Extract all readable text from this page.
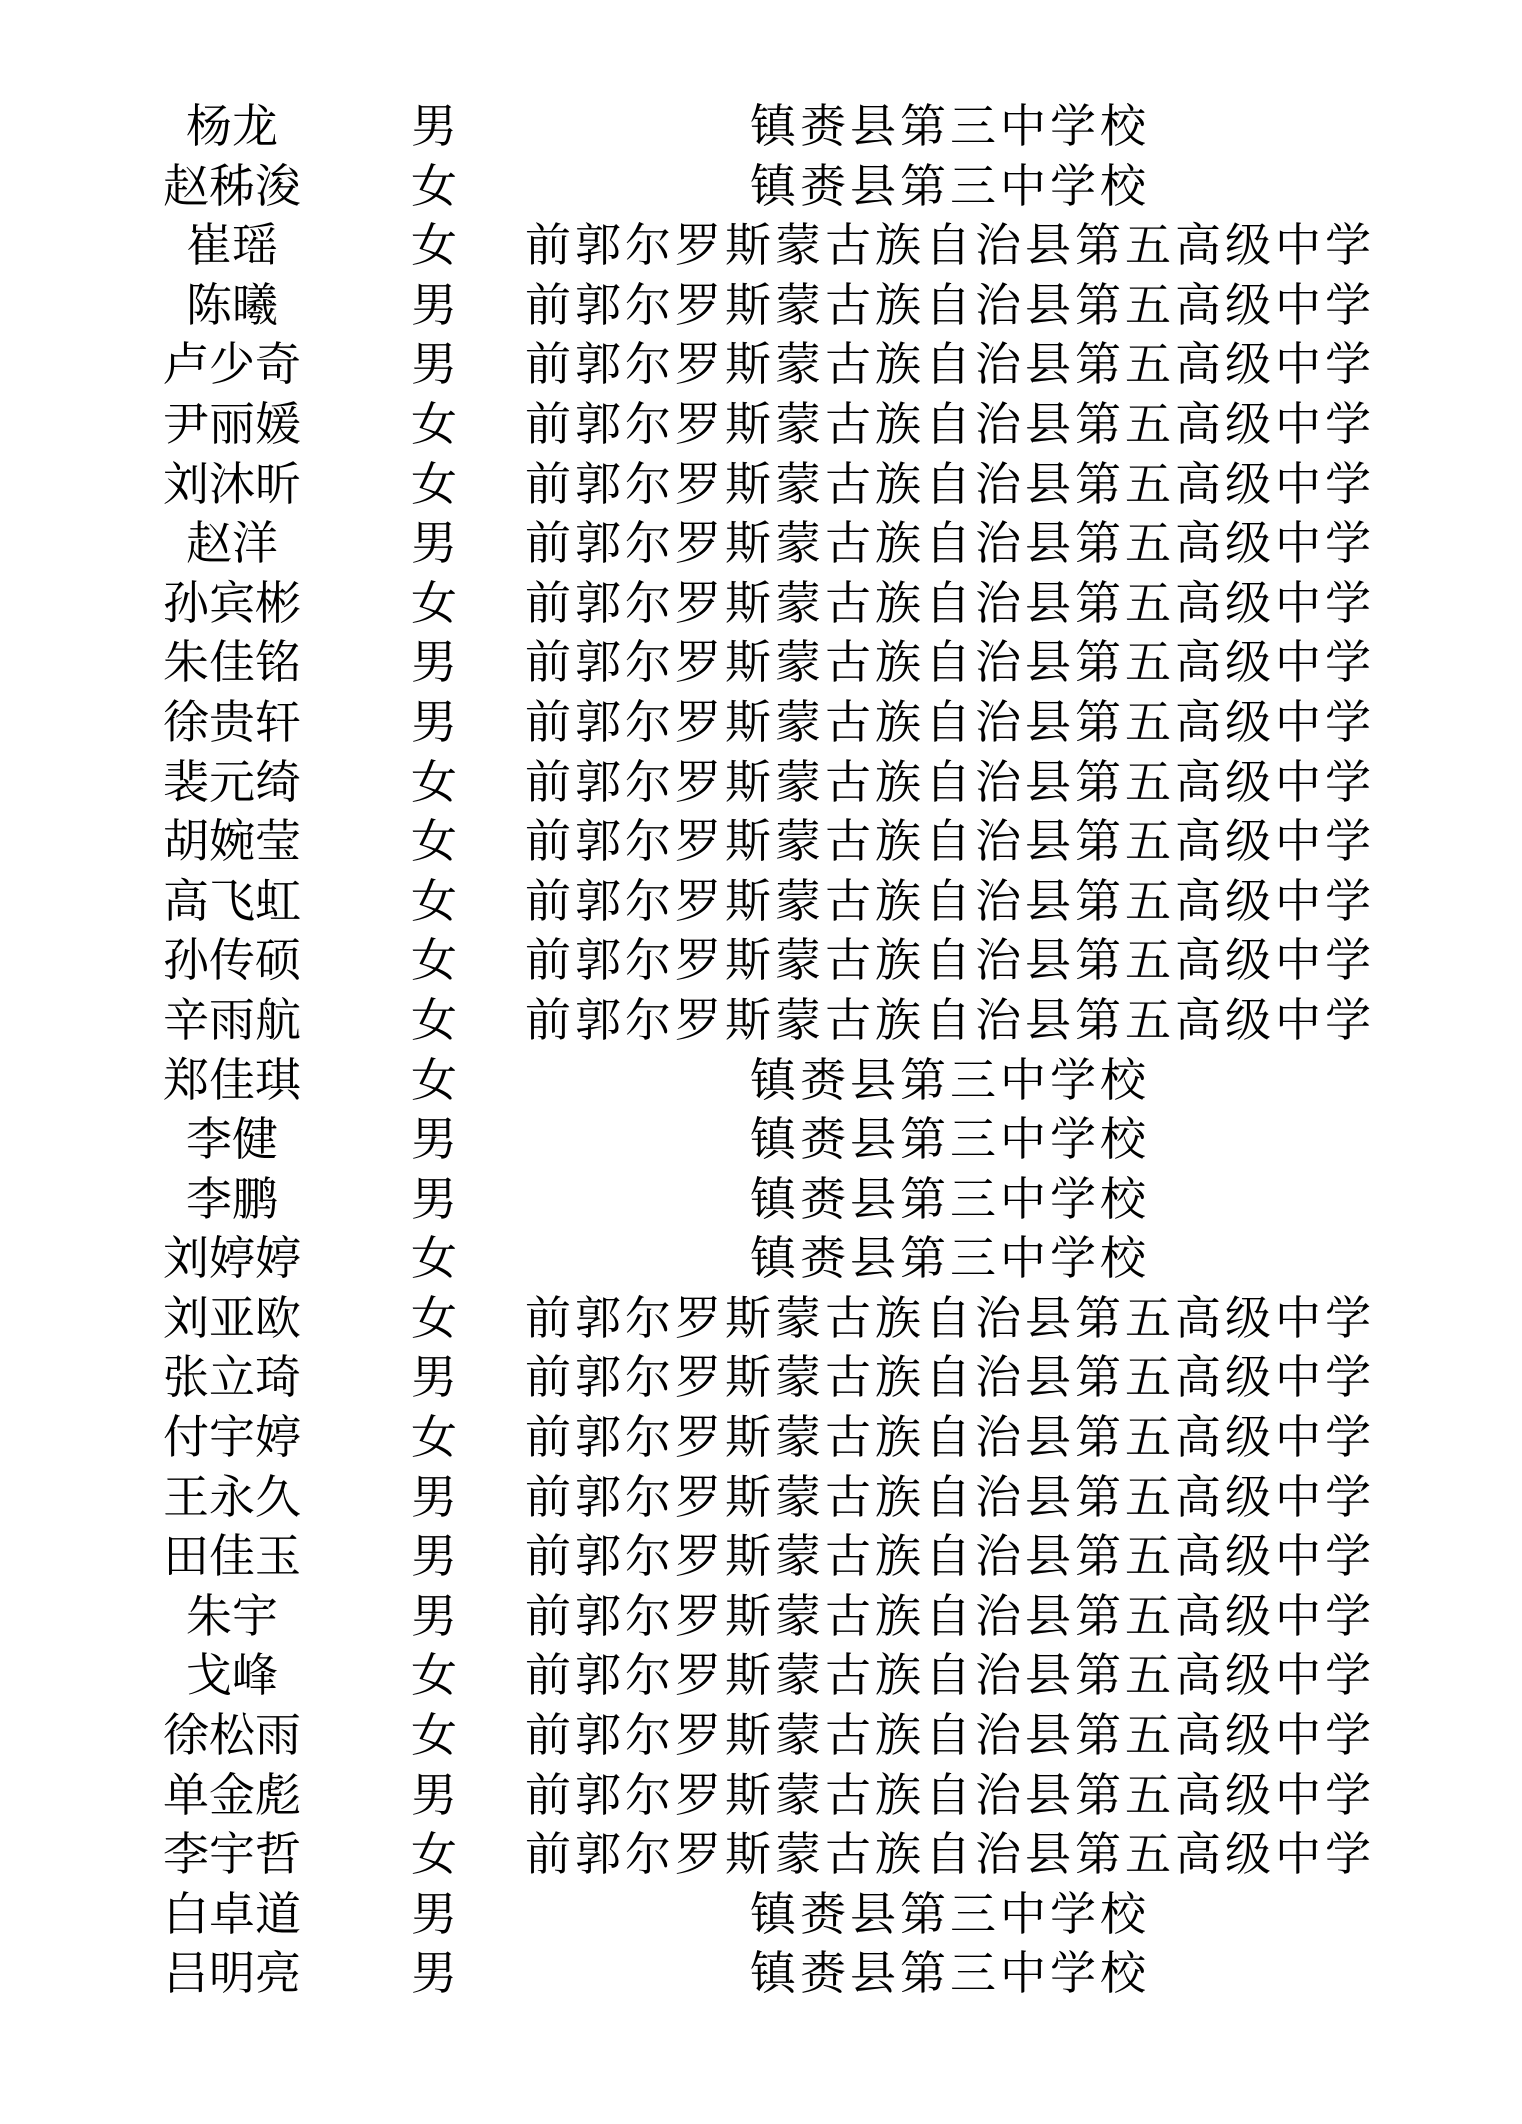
杨龙	男	镇赉县第三中学校
赵秭浚	女	镇赉县第三中学校
崔瑶	女	前郭尔罗斯蒙古族自治县第五高级中学
陈曦	男	前郭尔罗斯蒙古族自治县第五高级中学
卢少奇	男	前郭尔罗斯蒙古族自治县第五高级中学
尹丽媛	女	前郭尔罗斯蒙古族自治县第五高级中学
刘沐昕	女	前郭尔罗斯蒙古族自治县第五高级中学
赵洋	男	前郭尔罗斯蒙古族自治县第五高级中学
孙宾彬	女	前郭尔罗斯蒙古族自治县第五高级中学
朱佳铭	男	前郭尔罗斯蒙古族自治县第五高级中学
徐贵轩	男	前郭尔罗斯蒙古族自治县第五高级中学
裴元绮	女	前郭尔罗斯蒙古族自治县第五高级中学
胡婉莹	女	前郭尔罗斯蒙古族自治县第五高级中学
高飞虹	女	前郭尔罗斯蒙古族自治县第五高级中学
孙传硕	女	前郭尔罗斯蒙古族自治县第五高级中学
辛雨航	女	前郭尔罗斯蒙古族自治县第五高级中学
郑佳琪	女	镇赉县第三中学校
李健	男	镇赉县第三中学校
李鹏	男	镇赉县第三中学校
刘婷婷	女	镇赉县第三中学校
刘亚欧	女	前郭尔罗斯蒙古族自治县第五高级中学
张立琦	男	前郭尔罗斯蒙古族自治县第五高级中学
付宇婷	女	前郭尔罗斯蒙古族自治县第五高级中学
王永久	男	前郭尔罗斯蒙古族自治县第五高级中学
田佳玉	男	前郭尔罗斯蒙古族自治县第五高级中学
朱宇	男	前郭尔罗斯蒙古族自治县第五高级中学
戈峰	女	前郭尔罗斯蒙古族自治县第五高级中学
徐松雨	女	前郭尔罗斯蒙古族自治县第五高级中学
单金彪	男	前郭尔罗斯蒙古族自治县第五高级中学
李宇哲	女	前郭尔罗斯蒙古族自治县第五高级中学
白卓道	男	镇赉县第三中学校
吕明亮	男	镇赉县第三中学校
